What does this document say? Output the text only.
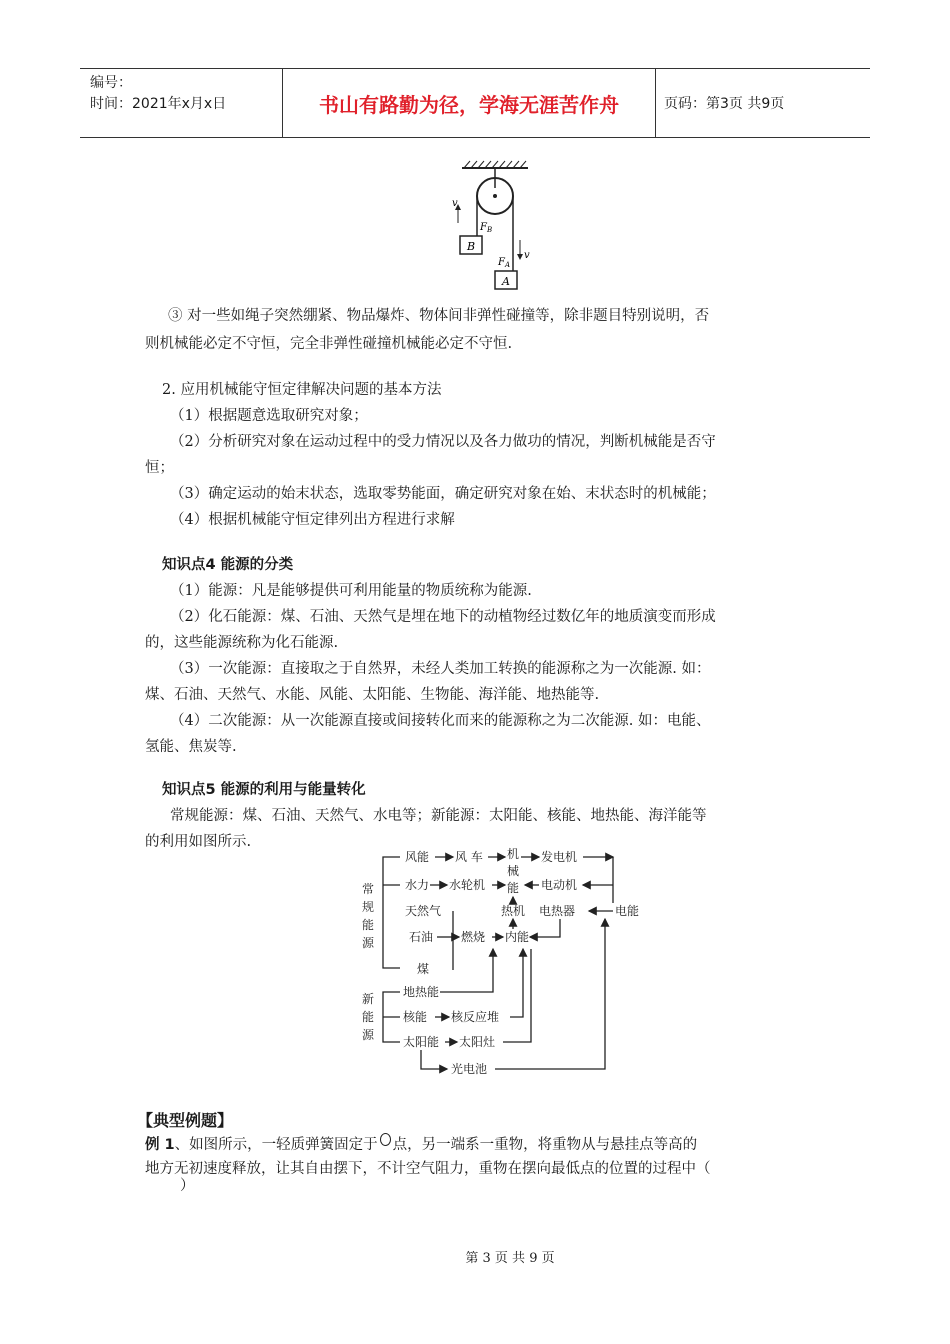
编号：
时间：2021年x月x日	书山有路勤为径，学海无涯苦作舟	页码：第3页 共9页
B
A
v
F B
v
F A
③ 对一些如绳子突然绷紧、物品爆炸、物体间非弹性碰撞等，除非题目特别说明，否
则机械能必定不守恒，完全非弹性碰撞机械能必定不守恒.
2. 应用机械能守恒定律解决问题的基本方法
（1）根据题意选取研究对象；
（2）分析研究对象在运动过程中的受力情况以及各力做功的情况，判断机械能是否守
恒；
（3）确定运动的始末状态，选取零势能面，确定研究对象在始、末状态时的机械能；
（4）根据机械能守恒定律列出方程进行求解
知识点4 能源的分类
（1）能源：凡是能够提供可利用能量的物质统称为能源.
（2）化石能源：煤、石油、天然气是埋在地下的动植物经过数亿年的地质演变而形成
的，这些能源统称为化石能源.
（3）一次能源：直接取之于自然界，未经人类加工转换的能源称之为一次能源. 如：
煤、石油、天然气、水能、风能、太阳能、生物能、海洋能、地热能等.
（4）二次能源：从一次能源直接或间接转化而来的能源称之为二次能源. 如：电能、
氢能、焦炭等.
知识点5 能源的利用与能量转化
常规能源：煤、石油、天然气、水电等；新能源：太阳能、核能、地热能、海洋能等
的利用如图所示.
常
规
能
源
新
能
源
风能 风 车 机
械
能
发电机
水力 水轮机	电动机
天然气	热机 电热器	电能
石油 燃烧 内能
煤
地热能
核能 核反应堆
太阳能 太阳灶
光电池
【典型例题】
例 1、如图所示，一轻质弹簧固定于 点，另一端系一重物，将重物从与悬挂点等高的
地方无初速度释放，让其自由摆下，不计空气阻力，重物在摆向最低点的位置的过程中（
）
第 3 页 共 9 页
